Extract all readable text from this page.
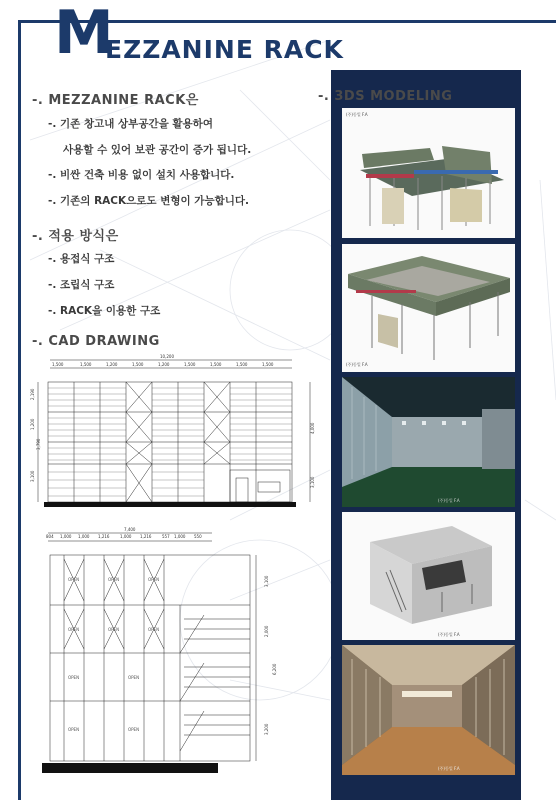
M
EZZANINE RACK
-. MEZZANINE RACK은
-. 기존 창고내 상부공간을 활용하여
사용할 수 있어 보관 공간이 증가 됩니다.
-. 비싼 건축 비용 없이 설치 사용합니다.
-. 기존의 RACK으로도 변형이 가능합니다.
-. 적용 방식은
-. 용접식 구조
-. 조립식 구조
-. RACK을 이용한 구조
-. CAD DRAWING
-. 3DS MODELING
10,200
1,500	1,500	1,200	1,500	1,200	1,500	1,500	1,500	1,500
2,190
1,200
3,790
3,100
4,000
3,100
7,400
804 1,000 1,000 1,216	1,000 1,216	557 1,000 550
3,100
2,000
6,200
3,200
OPEN	OPEN	OPEN
OPEN	OPEN	OPEN
OPEN	OPEN
OPEN	OPEN
(주)동일 F.A
(주)동일 F.A
(주)동일 F.A
(주)동일 F.A
(주)동일 F.A
